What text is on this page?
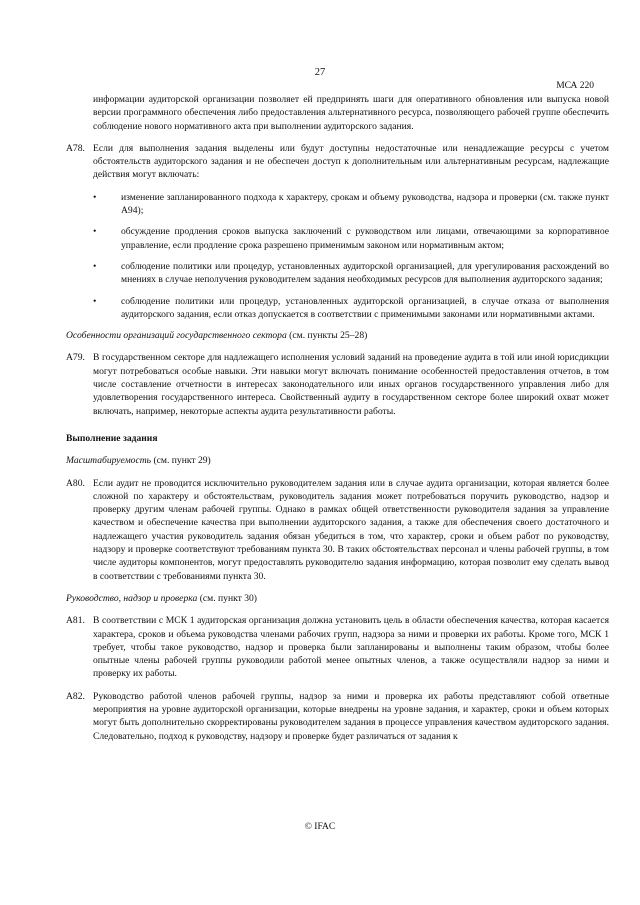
27
МСА 220

информации аудиторской организации позволяет ей предпринять шаги для оперативного обновления или выпуска новой версии программного обеспечения либо предоставления альтернативного ресурса, позволяющего рабочей группе обеспечить соблюдение нового нормативного акта при выполнении аудиторского задания.

A78. Если для выполнения задания выделены или будут доступны недостаточные или ненадлежащие ресурсы с учетом обстоятельств аудиторского задания и не обеспечен доступ к дополнительным или альтернативным ресурсам, надлежащие действия могут включать:

•	изменение запланированного подхода к характеру, срокам и объему руководства, надзора и проверки (см. также пункт A94);
•	обсуждение продления сроков выпуска заключений с руководством или лицами, отвечающими за корпоративное управление, если продление срока разрешено применимым законом или нормативным актом;
•	соблюдение политики или процедур, установленных аудиторской организацией, для урегулирования расхождений во мнениях в случае неполучения руководителем задания необходимых ресурсов для выполнения аудиторского задания;
•	соблюдение политики или процедур, установленных аудиторской организацией, в случае отказа от выполнения аудиторского задания, если отказ допускается в соответствии с применимыми законами или нормативными актами.
Особенности организаций государственного сектора (см. пункты 25–28)
A79. В государственном секторе для надлежащего исполнения условий заданий на проведение аудита в той или иной юрисдикции могут потребоваться особые навыки. Эти навыки могут включать понимание особенностей предоставления отчетов, в том числе составление отчетности в интересах законодательного или иных органов государственного управления либо для удовлетворения государственного интереса. Свойственный аудиту в государственном секторе более широкий охват может включать, например, некоторые аспекты аудита результативности работы.

Выполнение задания
Масштабируемость (см. пункт 29)
A80. Если аудит не проводится исключительно руководителем задания или в случае аудита организации, которая является более сложной по характеру и обстоятельствам, руководитель задания может потребоваться поручить руководство, надзор и проверку другим членам рабочей группы. Однако в рамках общей ответственности руководителя задания за управление качеством и обеспечение качества при выполнении аудиторского задания, а также для обеспечения своего достаточного и надлежащего участия руководитель задания обязан убедиться в том, что характер, сроки и объем работ по руководству, надзору и проверке соответствуют требованиям пункта 30. В таких обстоятельствах персонал и члены рабочей группы, в том числе аудиторы компонентов, могут предоставлять руководителю задания информацию, которая позволит ему сделать вывод в соответствии с требованиями пункта 30.

Руководство, надзор и проверка (см. пункт 30)
A81. В соответствии с МСК 1 аудиторская организация должна установить цель в области обеспечения качества, которая касается характера, сроков и объема руководства членами рабочих групп, надзора за ними и проверки их работы. Кроме того, МСК 1 требует, чтобы такое руководство, надзор и проверка были запланированы и выполнены таким образом, чтобы более опытные члены рабочей группы руководили работой менее опытных членов, а также осуществляли надзор за ними и проверку их работы.

A82. Руководство работой членов рабочей группы, надзор за ними и проверка их работы представляют собой ответные мероприятия на уровне аудиторской организации, которые внедрены на уровне задания, и характер, сроки и объем которых могут быть дополнительно скорректированы руководителем задания в процессе управления качеством аудиторского задания. Следовательно, подход к руководству, надзору и проверке будет различаться от задания к

© IFAC
